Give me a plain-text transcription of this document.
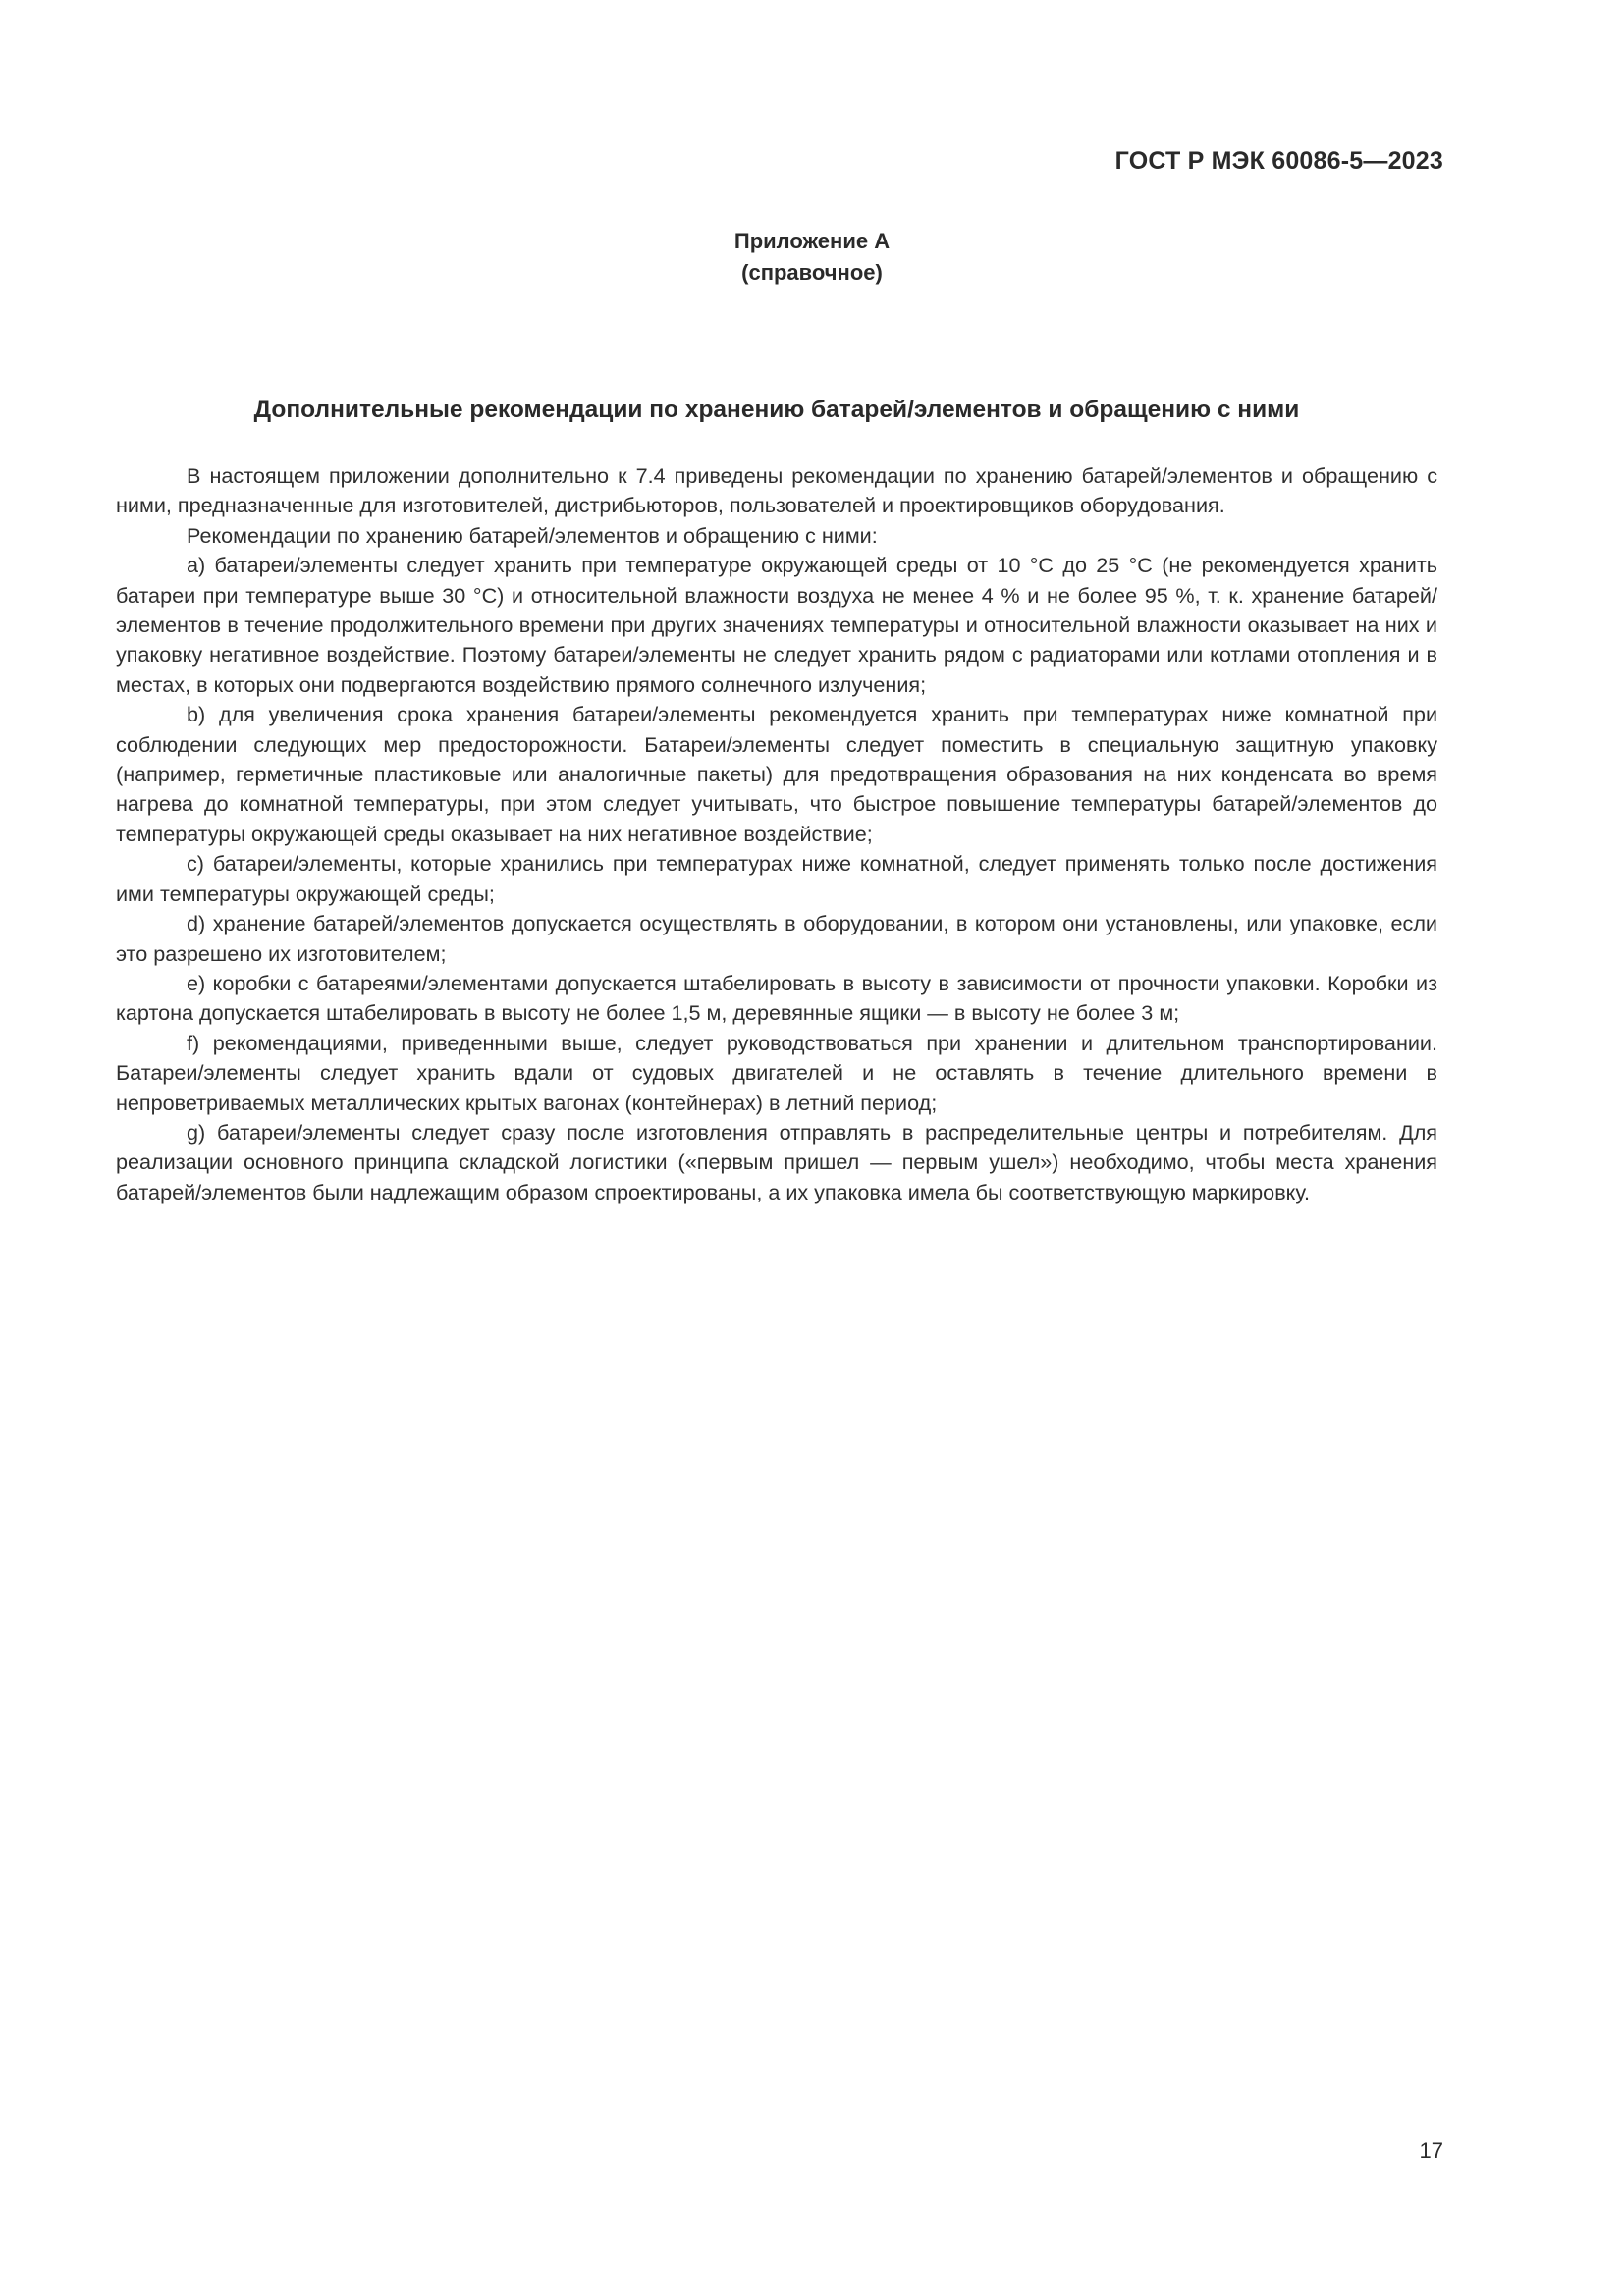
ГОСТ Р МЭК 60086-5—2023
Приложение А
(справочное)
Дополнительные рекомендации по хранению батарей/элементов и обращению с ними

В настоящем приложении дополнительно к 7.4 приведены рекомендации по хранению батарей/элементов и обращению с ними, предназначенные для изготовителей, дистрибьюторов, пользователей и проектировщиков оборудования.

Рекомендации по хранению батарей/элементов и обращению с ними:

a) батареи/элементы следует хранить при температуре окружающей среды от 10 °С до 25 °С (не рекомендуется хранить батареи при температуре выше 30 °С) и относительной влажности воздуха не менее 4 % и не более 95 %, т. к. хранение батарей/элементов в течение продолжительного времени при других значениях температуры и относительной влажности оказывает на них и упаковку негативное воздействие. Поэтому батареи/элементы не следует хранить рядом с радиаторами или котлами отопления и в местах, в которых они подвергаются воздействию прямого солнечного излучения;

b) для увеличения срока хранения батареи/элементы рекомендуется хранить при температурах ниже комнатной при соблюдении следующих мер предосторожности. Батареи/элементы следует поместить в специальную защитную упаковку (например, герметичные пластиковые или аналогичные пакеты) для предотвращения образования на них конденсата во время нагрева до комнатной температуры, при этом следует учитывать, что быстрое повышение температуры батарей/элементов до температуры окружающей среды оказывает на них негативное воздействие;

c) батареи/элементы, которые хранились при температурах ниже комнатной, следует применять только после достижения ими температуры окружающей среды;

d) хранение батарей/элементов допускается осуществлять в оборудовании, в котором они установлены, или упаковке, если это разрешено их изготовителем;

e) коробки с батареями/элементами допускается штабелировать в высоту в зависимости от прочности упаковки. Коробки из картона допускается штабелировать в высоту не более 1,5 м, деревянные ящики — в высоту не более 3 м;

f) рекомендациями, приведенными выше, следует руководствоваться при хранении и длительном транспортировании. Батареи/элементы следует хранить вдали от судовых двигателей и не оставлять в течение длительного времени в непроветриваемых металлических крытых вагонах (контейнерах) в летний период;

g) батареи/элементы следует сразу после изготовления отправлять в распределительные центры и потребителям. Для реализации основного принципа складской логистики («первым пришел — первым ушел») необходимо, чтобы места хранения батарей/элементов были надлежащим образом спроектированы, а их упаковка имела бы соответствующую маркировку.

17
